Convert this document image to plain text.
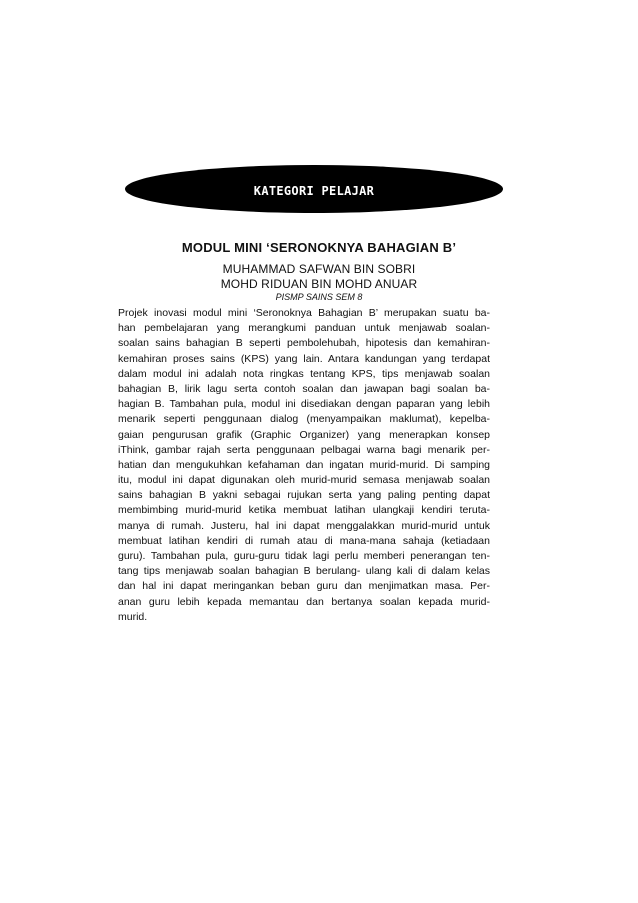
KATEGORI PELAJAR
MODUL MINI ‘SERONOKNYA BAHAGIAN B’
MUHAMMAD SAFWAN BIN SOBRI
MOHD RIDUAN BIN MOHD ANUAR
PISMP SAINS SEM 8
Projek inovasi modul mini ‘Seronoknya Bahagian B’ merupakan suatu ba-
han pembelajaran yang merangkumi panduan untuk menjawab soalan-
soalan sains bahagian B seperti pembolehubah, hipotesis dan kemahiran-
kemahiran proses sains (KPS) yang lain. Antara kandungan yang terdapat
dalam modul ini adalah nota ringkas tentang KPS, tips menjawab soalan
bahagian B, lirik lagu serta contoh soalan dan jawapan bagi soalan ba-
hagian B. Tambahan pula, modul ini disediakan dengan paparan yang lebih
menarik seperti penggunaan dialog (menyampaikan maklumat), kepelba-
gaian pengurusan grafik (Graphic Organizer) yang menerapkan konsep
iThink, gambar rajah serta penggunaan pelbagai warna bagi menarik per-
hatian dan mengukuhkan kefahaman dan ingatan murid-murid. Di samping
itu, modul ini dapat digunakan oleh murid-murid semasa menjawab soalan
sains bahagian B yakni sebagai rujukan serta yang paling penting dapat
membimbing murid-murid ketika membuat latihan ulangkaji kendiri teruta-
manya di rumah. Justeru, hal ini dapat menggalakkan murid-murid untuk
membuat latihan kendiri di rumah atau di mana-mana sahaja (ketiadaan
guru). Tambahan pula, guru-guru tidak lagi perlu memberi penerangan ten-
tang tips menjawab soalan bahagian B berulang- ulang kali di dalam kelas
dan hal ini dapat meringankan beban guru dan menjimatkan masa. Per-
anan guru lebih kepada memantau dan bertanya soalan kepada murid-
murid.
